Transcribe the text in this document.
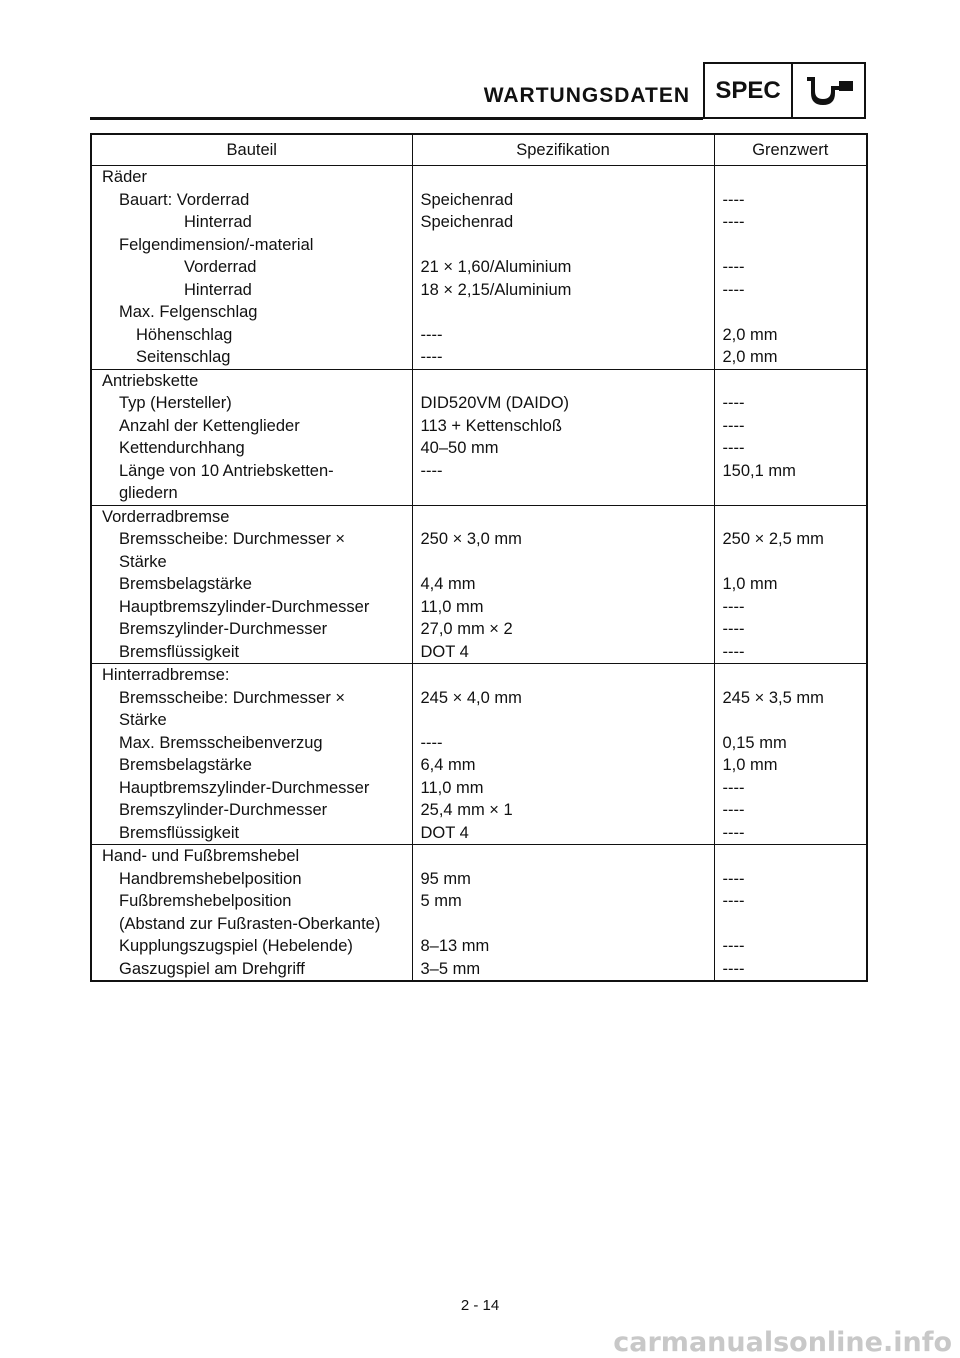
WARTUNGSDATEN	SPEC
Bauteil	Spezifikation	Grenzwert
Räder		
Bauart: Vorderrad	Speichenrad	----
Hinterrad	Speichenrad	----
Felgendimension/-material		
Vorderrad	21 × 1,60/Aluminium	----
Hinterrad	18 × 2,15/Aluminium	----
Max. Felgenschlag		
Höhenschlag	----	2,0 mm
Seitenschlag	----	2,0 mm
Antriebskette		
Typ (Hersteller)	DID520VM (DAIDO)	----
Anzahl der Kettenglieder	113 + Kettenschloß	----
Kettendurchhang	40–50 mm	----
Länge von 10 Antriebsketten-	----	150,1 mm
gliedern		
Vorderradbremse		
Bremsscheibe: Durchmesser ×	250 × 3,0 mm	250 × 2,5 mm
Stärke		
Bremsbelagstärke	4,4 mm	1,0 mm
Hauptbremszylinder-Durchmesser	11,0 mm	----
Bremszylinder-Durchmesser	27,0 mm × 2	----
Bremsflüssigkeit	DOT 4	----
Hinterradbremse:		
Bremsscheibe: Durchmesser ×	245 × 4,0 mm	245 × 3,5 mm
Stärke		
Max. Bremsscheibenverzug	----	0,15 mm
Bremsbelagstärke	6,4 mm	1,0 mm
Hauptbremszylinder-Durchmesser	11,0 mm	----
Bremszylinder-Durchmesser	25,4 mm × 1	----
Bremsflüssigkeit	DOT 4	----
Hand- und Fußbremshebel		
Handbremshebelposition	95 mm	----
Fußbremshebelposition	5 mm	----
(Abstand zur Fußrasten-Oberkante)		
Kupplungszugspiel (Hebelende)	8–13 mm	----
Gaszugspiel am Drehgriff	3–5 mm	----
2 - 14
carmanualsonline.info
